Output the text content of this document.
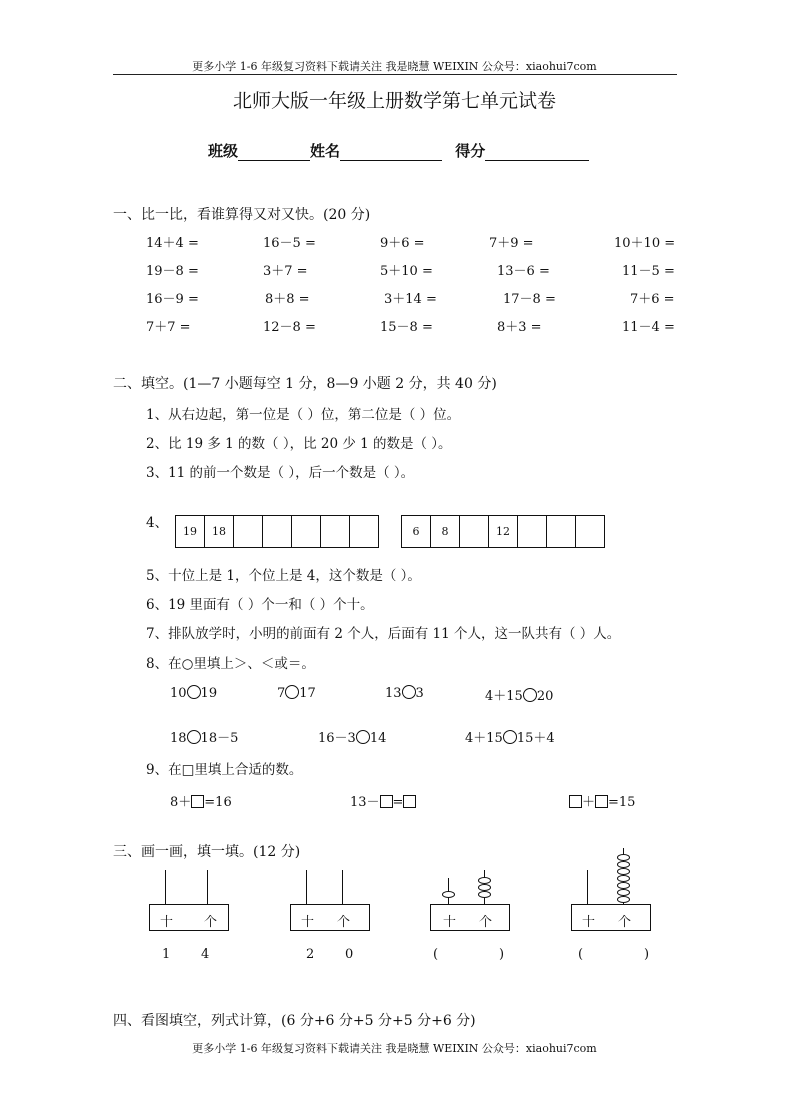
更多小学 1-6 年级复习资料下载请关注 我是晓慧 WEIXIN 公众号：xiaohui7com
北师大版一年级上册数学第七单元试卷
班级	姓名	得分
一、比一比，看谁算得又对又快。(20 分)
14＋4 =	16－5 =	9＋6 =	7＋9 =	10＋10 =
19－8 =	3＋7 =	5＋10 =	13－6 =	11－5 =
16－9 =	8＋8 =	3＋14 =	17－8 =	7＋6 =
7＋7 =	12－8 =	15－8 =	8＋3 =	11－4 =
二、填空。(1—7 小题每空 1 分，8—9 小题 2 分，共 40 分)
1、从右边起，第一位是（ ）位，第二位是（ ）位。
2、比 19 多 1 的数（ ），比 20 少 1 的数是（ ）。
3、11 的前一个数是（ ），后一个数是（ ）。
4、
19	18	6	8	12
5、十位上是 1，个位上是 4，这个数是（ ）。
6、19 里面有（ ）个一和（ ）个十。
7、排队放学时，小明的前面有 2 个人，后面有 11 个人，这一队共有（ ）人。
8、在○里填上＞、＜或＝。
10 19	7 17	13 3	4＋15 20
18 18－5	16－3 14	4＋15 15＋4
9、在□里填上合适的数。
8＋ =16	13－ =	＋ =15
三、画一画，填一填。(12 分)
十 个	十 个	十 个	十 个
1 4	2 0	(	)	(	)
四、看图填空，列式计算，(6 分+6 分+5 分+5 分+6 分)
更多小学 1-6 年级复习资料下载请关注 我是晓慧 WEIXIN 公众号：xiaohui7com
